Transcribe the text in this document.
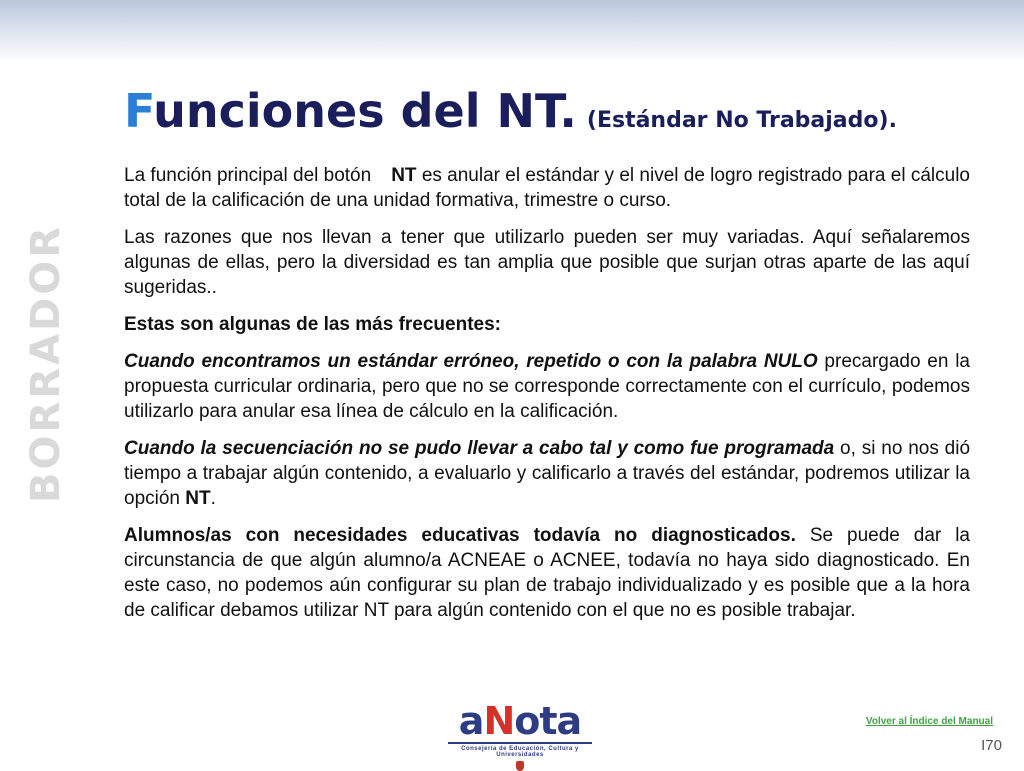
BORRADOR
Funciones del NT. (Estándar No Trabajado).

La función principal del botón NT es anular el estándar y el nivel de logro registrado para el cálculo total de la calificación de una unidad formativa, trimestre o curso.

Las razones que nos llevan a tener que utilizarlo pueden ser muy variadas. Aquí señalaremos algunas de ellas, pero la diversidad es tan amplia que posible que surjan otras aparte de las aquí sugeridas..

Estas son algunas de las más frecuentes:

Cuando encontramos un estándar erróneo, repetido o con la palabra NULO precargado en la propuesta curricular ordinaria, pero que no se corresponde correctamente con el currículo, podemos utilizarlo para anular esa línea de cálculo en la calificación.

Cuando la secuenciación no se pudo llevar a cabo tal y como fue programada o, si no nos dió tiempo a trabajar algún contenido, a evaluarlo y calificarlo a través del estándar, podremos utilizar la opción NT.

Alumnos/as con necesidades educativas todavía no diagnosticados. Se puede dar la circunstancia de que algún alumno/a ACNEAE o ACNEE, todavía no haya sido diagnosticado. En este caso, no podemos aún configurar su plan de trabajo individualizado y es posible que a la hora de calificar debamos utilizar NT para algún contenido con el que no es posible trabajar.

aNota
Consejería de Educación, Cultura y Universidades
Volver al Índice del Manual
I70
